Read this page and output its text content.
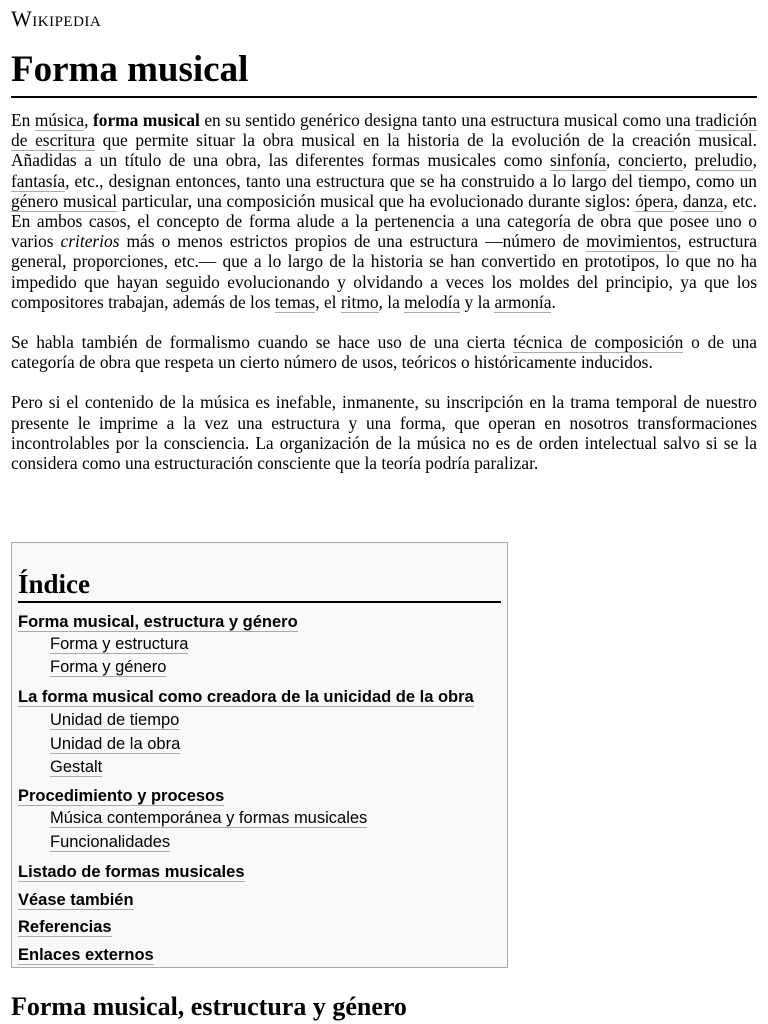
Wikipedia
Forma musical

En música, forma musical en su sentido genérico designa tanto una estructura musical como una tradición de escritura que permite situar la obra musical en la historia de la evolución de la creación musical. Añadidas a un título de una obra, las diferentes formas musicales como sinfonía, concierto, preludio, fantasía, etc., designan entonces, tanto una estructura que se ha construido a lo largo del tiempo, como un género musical particular, una composición musical que ha evolucionado durante siglos: ópera, danza, etc. En ambos casos, el concepto de forma alude a la pertenencia a una categoría de obra que posee uno o varios criterios más o menos estrictos propios de una estructura —número de movimientos, estructura general, proporciones, etc.— que a lo largo de la historia se han convertido en prototipos, lo que no ha impedido que hayan seguido evolucionando y olvidando a veces los moldes del principio, ya que los compositores trabajan, además de los temas, el ritmo, la melodía y la armonía.

Se habla también de formalismo cuando se hace uso de una cierta técnica de composición o de una categoría de obra que respeta un cierto número de usos, teóricos o históricamente inducidos.

Pero si el contenido de la música es inefable, inmanente, su inscripción en la trama temporal de nuestro presente le imprime a la vez una estructura y una forma, que operan en nosotros transformaciones incontrolables por la consciencia. La organización de la música no es de orden intelectual salvo si se la considera como una estructuración consciente que la teoría podría paralizar.

Índice
Forma musical, estructura y género
Forma y estructura
Forma y género
La forma musical como creadora de la unicidad de la obra
Unidad de tiempo
Unidad de la obra
Gestalt
Procedimiento y procesos
Música contemporánea y formas musicales
Funcionalidades
Listado de formas musicales
Véase también
Referencias
Enlaces externos
Forma musical, estructura y género
